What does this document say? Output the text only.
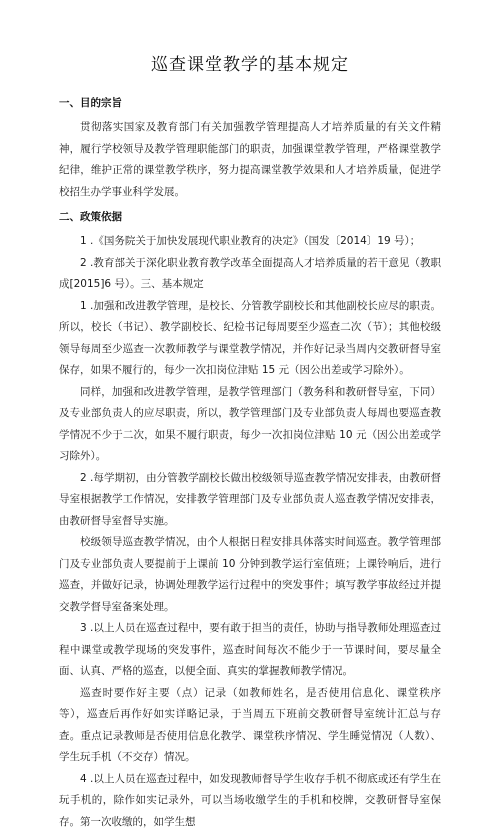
巡查课堂教学的基本规定
一、目的宗旨

贯彻落实国家及教育部门有关加强教学管理提高人才培养质量的有关文件精神，履行学校领导及教学管理职能部门的职责，加强课堂教学管理，严格课堂教学纪律，维护正常的课堂教学秩序，努力提高课堂教学效果和人才培养质量，促进学校招生办学事业科学发展。

二、政策依据

1 .《国务院关于加快发展现代职业教育的决定》（国发〔2014〕19 号）；

2 .教育部关于深化职业教育教学改革全面提高人才培养质量的若干意见（教职成[2015]6 号）。三、基本规定

1 .加强和改进教学管理，是校长、分管教学副校长和其他副校长应尽的职责。所以，校长（书记）、教学副校长、纪检书记每周要至少巡查二次（节）；其他校级领导每周至少巡查一次教师教学与课堂教学情况，并作好记录当周内交教研督导室保存，如果不履行的，每少一次扣岗位津贴 15 元（因公出差或学习除外）。

同样，加强和改进教学管理，是教学管理部门（教务科和教研督导室，下同）及专业部负责人的应尽职责，所以，教学管理部门及专业部负责人每周也要巡查教学情况不少于二次，如果不履行职责，每少一次扣岗位津贴 10 元（因公出差或学习除外）。

2 .每学期初，由分管教学副校长做出校级领导巡查教学情况安排表，由教研督导室根据教学工作情况，安排教学管理部门及专业部负责人巡查教学情况安排表，由教研督导室督导实施。

校级领导巡查教学情况，由个人根据日程安排具体落实时间巡查。教学管理部门及专业部负责人要提前于上课前 10 分钟到教学运行室值班；上课铃响后，进行巡查，并做好记录，协调处理教学运行过程中的突发事件；填写教学事故经过并提交教学督导室备案处理。

3 .以上人员在巡查过程中，要有敢于担当的责任，协助与指导教师处理巡查过程中课堂或教学现场的突发事件，巡查时间每次不能少于一节课时间，要尽量全面、认真、严格的巡查，以便全面、真实的掌握教师教学情况。

巡查时要作好主要（点）记录（如教师姓名，是否使用信息化、课堂秩序等），巡查后再作好如实详略记录，于当周五下班前交教研督导室统计汇总与存查。重点记录教师是否使用信息化教学、课堂秩序情况、学生睡觉情况（人数）、学生玩手机（不交存）情况。

4 .以上人员在巡查过程中，如发现教师督导学生收存手机不彻底或还有学生在玩手机的，除作如实记录外，可以当场收缴学生的手机和校牌，交教研督导室保存。第一次收缴的，如学生想
